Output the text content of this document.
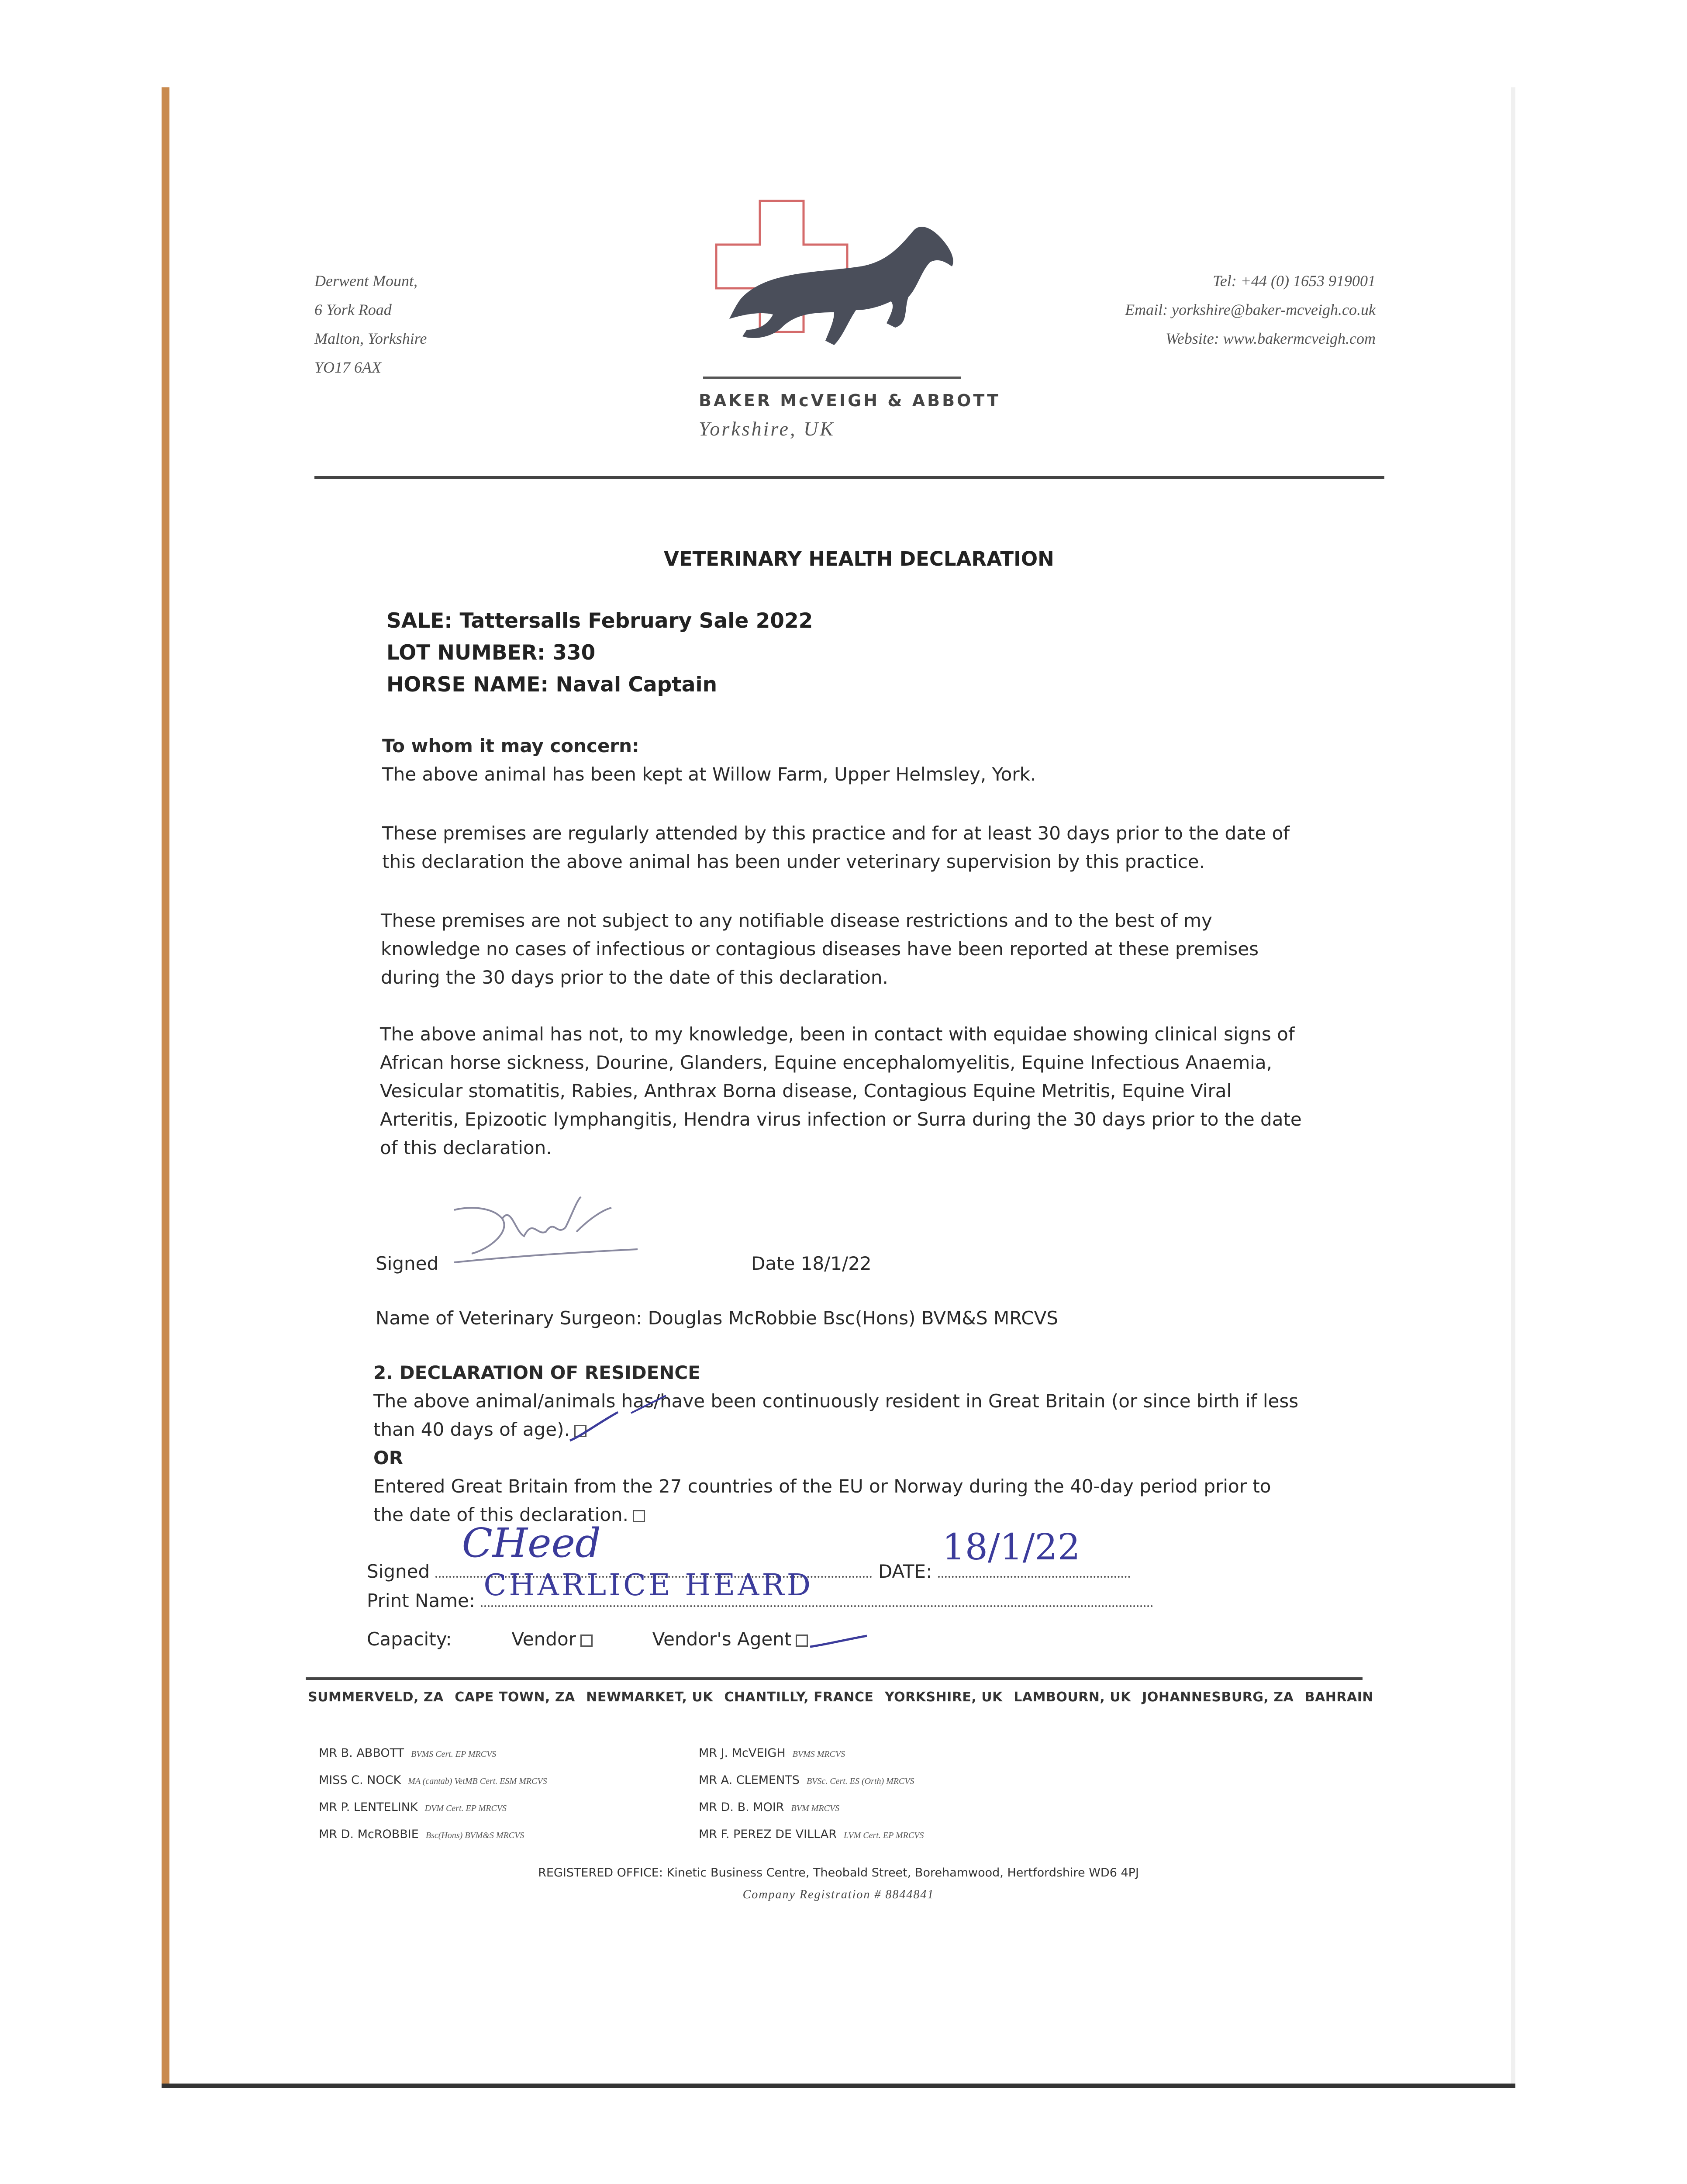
Derwent Mount,
6 York Road
Malton, Yorkshire
YO17 6AX
BAKER McVEIGH & ABBOTT
Yorkshire, UK
Tel: +44 (0) 1653 919001
Email: yorkshire@baker-mcveigh.co.uk
Website: www.bakermcveigh.com
VETERINARY HEALTH DECLARATION
SALE: Tattersalls February Sale 2022
LOT NUMBER: 330
HORSE NAME: Naval Captain
To whom it may concern:
The above animal has been kept at Willow Farm, Upper Helmsley, York.
These premises are regularly attended by this practice and for at least 30 days prior to the date of
this declaration the above animal has been under veterinary supervision by this practice.
These premises are not subject to any notifiable disease restrictions and to the best of my
knowledge no cases of infectious or contagious diseases have been reported at these premises
during the 30 days prior to the date of this declaration.
The above animal has not, to my knowledge, been in contact with equidae showing clinical signs of
African horse sickness, Dourine, Glanders, Equine encephalomyelitis, Equine Infectious Anaemia,
Vesicular stomatitis, Rabies, Anthrax Borna disease, Contagious Equine Metritis, Equine Viral
Arteritis, Epizootic lymphangitis, Hendra virus infection or Surra during the 30 days prior to the date
of this declaration.
Signed	Date 18/1/22
Name of Veterinary Surgeon: Douglas McRobbie Bsc(Hons) BVM&S MRCVS
2. DECLARATION OF RESIDENCE
The above animal/animals has/have been continuously resident in Great Britain (or since birth if less
than 40 days of age).
OR
Entered Great Britain from the 27 countries of the EU or Norway during the 40-day period prior to
the date of this declaration.
Signed
CHeed
DATE:
18/1/22
Print Name: CHARLICE HEARD
Capacity:	Vendor	Vendor's Agent
SUMMERVELD, ZA CAPE TOWN, ZA NEWMARKET, UK CHANTILLY, FRANCE YORKSHIRE, UK LAMBOURN, UK JOHANNESBURG, ZA BAHRAIN
MR B. ABBOTT BVMS Cert. EP MRCVS
MISS C. NOCK MA (cantab) VetMB Cert. ESM MRCVS
MR P. LENTELINK DVM Cert. EP MRCVS
MR D. McROBBIE Bsc(Hons) BVM&S MRCVS
MR J. McVEIGH BVMS MRCVS
MR A. CLEMENTS BVSc. Cert. ES (Orth) MRCVS
MR D. B. MOIR BVM MRCVS
MR F. PEREZ DE VILLAR LVM Cert. EP MRCVS
REGISTERED OFFICE: Kinetic Business Centre, Theobald Street, Borehamwood, Hertfordshire WD6 4PJ
Company Registration # 8844841
